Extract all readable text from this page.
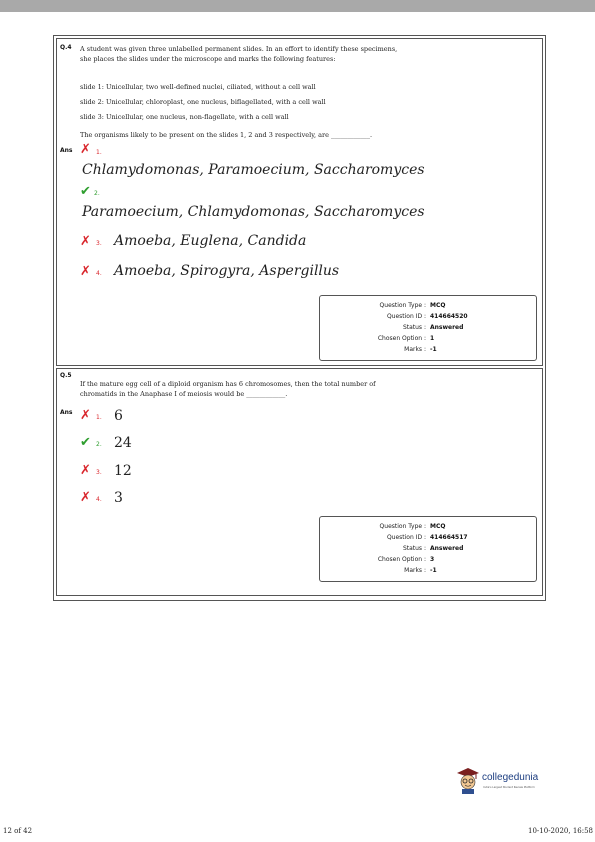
Q.4 A student was given three unlabelled permanent slides. In an effort to identify these specimens, she places the slides under the microscope and marks the following features:
slide 1: Unicellular, two well-defined nuclei, ciliated, without a cell wall
slide 2: Unicellular, chloroplast, one nucleus, biflagellated, with a cell wall
slide 3: Unicellular, one nucleus, non-flagellate, with a cell wall
The organisms likely to be present on the slides 1, 2 and 3 respectively, are ____________.
Ans ✗ 1.
Chlamydomonas, Paramoecium, Saccharomyces
✔ 2.
Paramoecium, Chlamydomonas, Saccharomyces
✗ 3. Amoeba, Euglena, Candida
✗ 4. Amoeba, Spirogyra, Aspergillus
Question Type : MCQ
Question ID : 414664520
Status : Answered
Chosen Option : 1
Marks : -1
Q.5
If the mature egg cell of a diploid organism has 6 chromosomes, then the total number of chromatids in the Anaphase I of meiosis would be ____________.
Ans ✗ 1. 6
✔ 2. 24
✗ 3. 12
✗ 4. 3
Question Type : MCQ
Question ID : 414664517
Status : Answered
Chosen Option : 3
Marks : -1
collegedunia
India's Largest Student Review Platform
12 of 42	10-10-2020, 16:58
